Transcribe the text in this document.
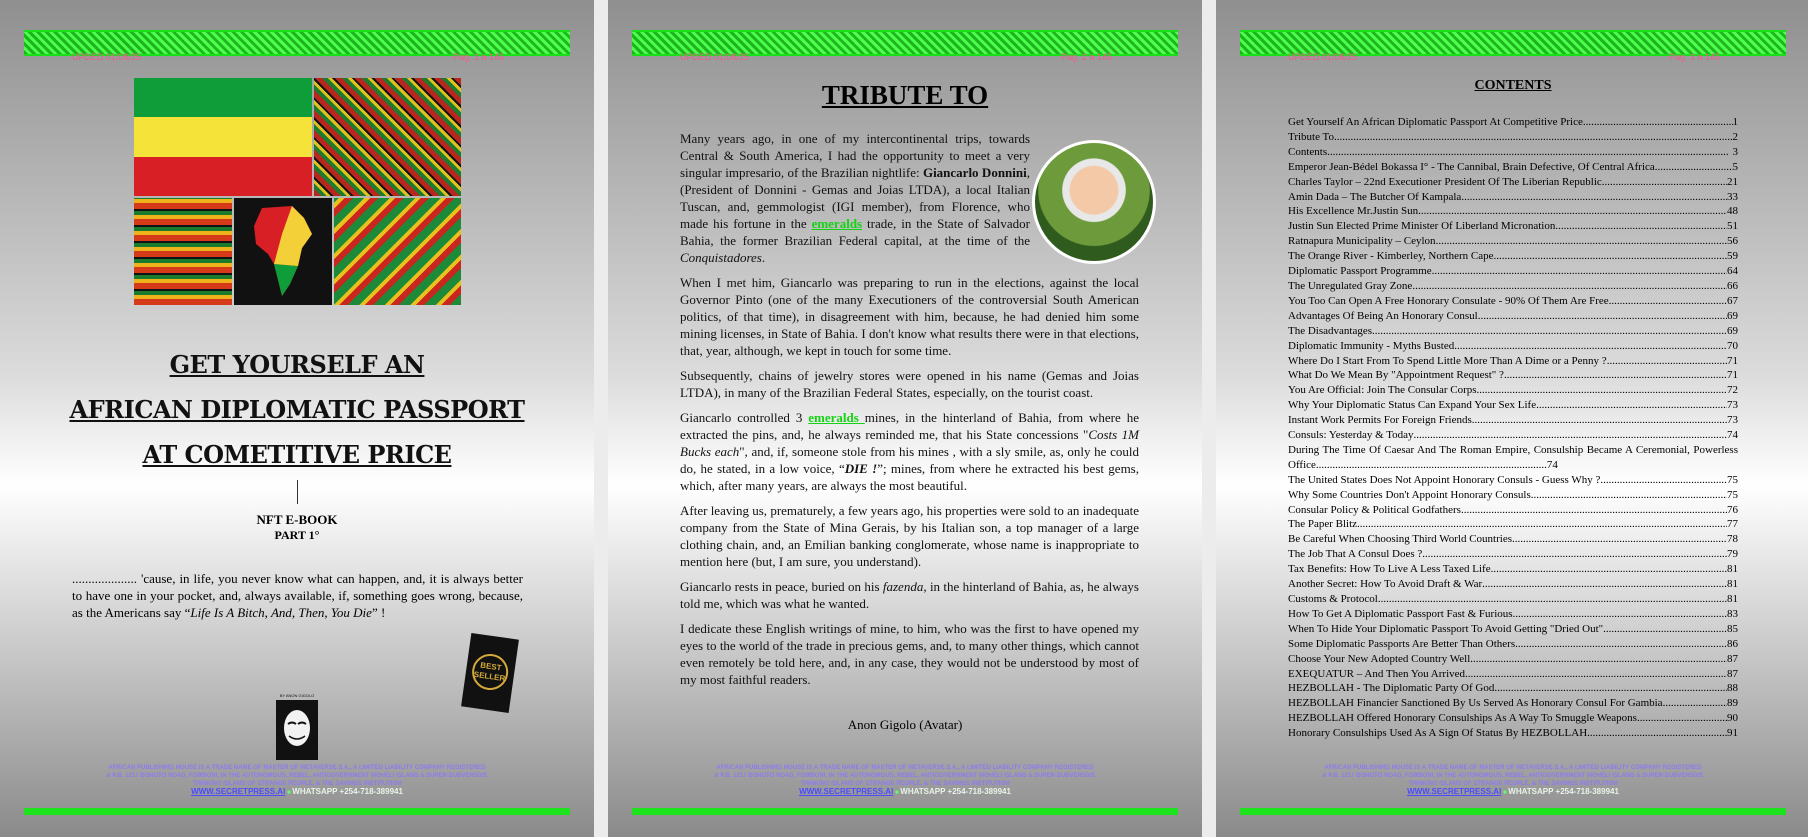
UPDED 01/08/25	Pag. 1 a 145
GET YOURSELF AN
AFRICAN DIPLOMATIC PASSPORT
AT COMETITIVE PRICE
NFT E-BOOK
PART 1°
.................... 'cause, in life, you never know what can happen, and, it is always better to have one in your pocket, and, always available, if, something goes wrong, because, as the Americans say “Life Is A Bitch, And, Then, You Die” !
BEST SELLER
BY ANON GIGOLO
AFRICAN PUBLISHING HOUSE IS A TRADE NAME OF MASTER OF METAVERSE S.A., A LIMITED LIABILITY COMPANY REGISTERED
& P.B. 1217 BONOTO ROAD, FOMBONI, IN THE AUTONOMOUS, REBEL, ANTIGOVERNMENT MOHÉLI ISLAND & SUPER-SUBVERSIVE
THINKING ISLAND OF STRANGE PEOPLE, & THE SAVINGS INSTITUTION
WWW.SECRETPRESS.AI ■ WHATSAPP +254-718-389941
UPDED 01/08/25	Pag. 2 a 145
TRIBUTE TO

Many years ago, in one of my intercontinental trips, towards Central & South America, I had the opportunity to meet a very singular impresario, of the Brazilian nightlife: Giancarlo Donnini, (President of Donnini - Gemas and Joias LTDA), a local Italian Tuscan, and, gemmologist (IGI member), from Florence, who made his fortune in the emeralds trade, in the State of Salvador Bahia, the former Brazilian Federal capital, at the time of the Conquistadores.

When I met him, Giancarlo was preparing to run in the elections, against the local Governor Pinto (one of the many Executioners of the controversial South American politics, of that time), in disagreement with him, because, he had denied him some mining licenses, in State of Bahia. I don't know what results there were in that elections, that, year, although, we kept in touch for some time.

Subsequently, chains of jewelry stores were opened in his name (Gemas and Joias LTDA), in many of the Brazilian Federal States, especially, on the tourist coast.

Giancarlo controlled 3 emeralds mines, in the hinterland of Bahia, from where he extracted the pins, and, he always reminded me, that his State concessions "Costs 1M Bucks each", and, if, someone stole from his mines , with a sly smile, as, only he could do, he stated, in a low voice, “DIE !”; mines, from where he extracted his best gems, which, after many years, are always the most beautiful.

After leaving us, prematurely, a few years ago, his properties were sold to an inadequate company from the State of Mina Gerais, by his Italian son, a top manager of a large clothing chain, and, an Emilian banking conglomerate, whose name is inappropriate to mention here (but, I am sure, you understand).

Giancarlo rests in peace, buried on his fazenda, in the hinterland of Bahia, as, he always told me, which was what he wanted.

I dedicate these English writings of mine, to him, who was the first to have opened my eyes to the world of the trade in precious gems, and, to many other things, which cannot even remotely be told here, and, in any case, they would not be understood by most of my most faithful readers.

Anon Gigolo (Avatar)
AFRICAN PUBLISHING HOUSE IS A TRADE NAME OF MASTER OF METAVERSE S.A., A LIMITED LIABILITY COMPANY REGISTERED
& P.B. 1217 BONOTO ROAD, FOMBONI, IN THE AUTONOMOUS, REBEL, ANTIGOVERNMENT MOHÉLI ISLAND & SUPER-SUBVERSIVE
THINKING ISLAND OF STRANGE PEOPLE, & THE SAVINGS INSTITUTION
WWW.SECRETPRESS.AI ■ WHATSAPP +254-718-389941
UPDED 01/08/25	Pag. 3 a 145
CONTENTS
Get Yourself An African Diplomatic Passport At Competitive Price .....	1
Tribute To .....	2
Contents .....	3
Emperor Jean-Bédel Bokassa I° - The Cannibal, Brain Defective, Of Central Africa .....	5
Charles Taylor – 22nd Executioner President Of The Liberian Republic .....	21
Amin Dada – The Butcher Of Kampala .....	33
His Excellence Mr.Justin Sun .....	48
Justin Sun Elected Prime Minister Of Liberland Micronation .....	51
Ratnapura Municipality – Ceylon .....	56
The Orange River - Kimberley, Northern Cape .....	59
Diplomatic Passport Programme .....	64
The Unregulated Gray Zone .....	66
You Too Can Open A Free Honorary Consulate - 90% Of Them Are Free .....	67
Advantages Of Being An Honorary Consul .....	69
The Disadvantages .....	69
Diplomatic Immunity - Myths Busted .....	70
Where Do I Start From To Spend Little More Than A Dime or a Penny ? .....	71
What Do We Mean By "Appointment Request" ? .....	71
You Are Official: Join The Consular Corps .....	72
Why Your Diplomatic Status Can Expand Your Sex Life .....	73
Instant Work Permits For Foreign Friends .....	73
Consuls: Yesterday & Today .....	74
During The Time Of Caesar And The Roman Empire, Consulship Became A Ceremonial, Powerless Office....................................................................................74
The United States Does Not Appoint Honorary Consuls - Guess Why ? .....	75
Why Some Countries Don't Appoint Honorary Consuls .....	75
Consular Policy & Political Godfathers .....	76
The Paper Blitz .....	77
Be Careful When Choosing Third World Countries .....	78
The Job That A Consul Does ? .....	79
Tax Benefits: How To Live A Less Taxed Life .....	81
Another Secret: How To Avoid Draft & War .....	81
Customs & Protocol .....	81
How To Get A Diplomatic Passport Fast & Furious .....	83
When To Hide Your Diplomatic Passport To Avoid Getting "Dried Out" .....	85
Some Diplomatic Passports Are Better Than Others .....	86
Choose Your New Adopted Country Well .....	87
EXEQUATUR – And Then You Arrived .....	87
HEZBOLLAH - The Diplomatic Party Of God .....	88
HEZBOLLAH Financier Sanctioned By Us Served As Honorary Consul For Gambia .....	89
HEZBOLLAH Offered Honorary Consulships As A Way To Smuggle Weapons .....	90
Honorary Consulships Used As A Sign Of Status By HEZBOLLAH .....	91
AFRICAN PUBLISHING HOUSE IS A TRADE NAME OF MASTER OF METAVERSE S.A., A LIMITED LIABILITY COMPANY REGISTERED
& P.B. 1217 BONOTO ROAD, FOMBONI, IN THE AUTONOMOUS, REBEL, ANTIGOVERNMENT MOHÉLI ISLAND & SUPER-SUBVERSIVE
THINKING ISLAND OF STRANGE PEOPLE, & THE SAVINGS INSTITUTION
WWW.SECRETPRESS.AI ■ WHATSAPP +254-718-389941
